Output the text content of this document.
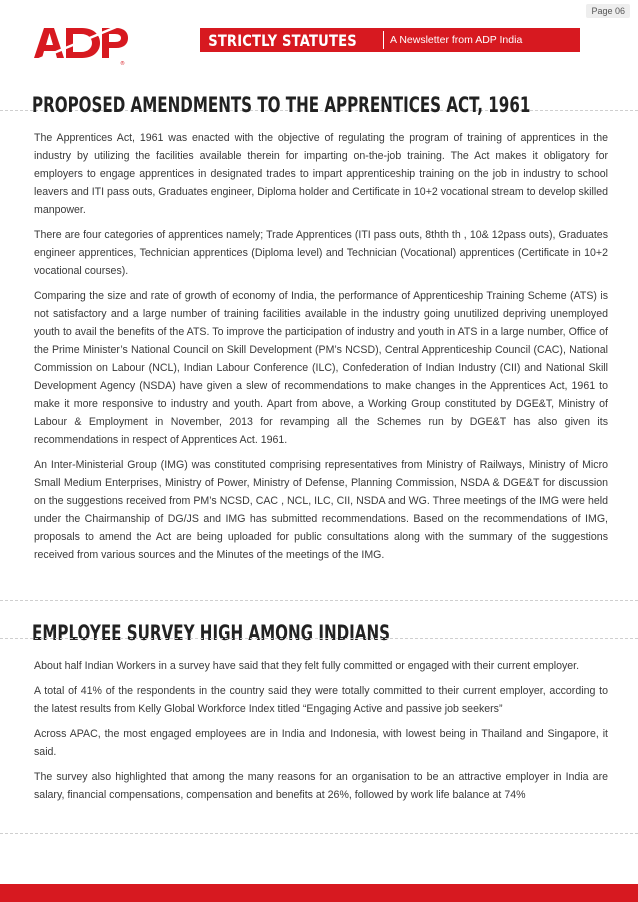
Page 06
®
STRICTLY STATUTES	A Newsletter from ADP India
PROPOSED AMENDMENTS TO THE APPRENTICES ACT, 1961

The Apprentices Act, 1961 was enacted with the objective of regulating the program of training of apprentices in the industry by utilizing the facilities available therein for imparting on-the-job training. The Act makes it obligatory for employers to engage apprentices in designated trades to impart apprenticeship training on the job in industry to school leavers and ITI pass outs, Graduates engineer, Diploma holder and Certificate in 10+2 vocational stream to develop skilled manpower.

There are four categories of apprentices namely; Trade Apprentices (ITI pass outs, 8thth th , 10& 12pass outs), Graduates engineer apprentices, Technician apprentices (Diploma level) and Technician (Vocational) apprentices (Certificate in 10+2 vocational courses).

Comparing the size and rate of growth of economy of India, the performance of Apprenticeship Training Scheme (ATS) is not satisfactory and a large number of training facilities available in the industry going unutilized depriving unemployed youth to avail the benefits of the ATS. To improve the participation of industry and youth in ATS in a large number, Office of the Prime Minister’s National Council on Skill Development (PM’s NCSD), Central Apprenticeship Council (CAC), National Commission on Labour (NCL), Indian Labour Conference (ILC), Confederation of Indian Industry (CII) and National Skill Development Agency (NSDA) have given a slew of recommendations to make changes in the Apprentices Act, 1961 to make it more responsive to industry and youth. Apart from above, a Working Group constituted by DGE&T, Ministry of Labour & Employment in November, 2013 for revamping all the Schemes run by DGE&T has also given its recommendations in respect of Apprentices Act. 1961.

An Inter-Ministerial Group (IMG) was constituted comprising representatives from Ministry of Railways, Ministry of Micro Small Medium Enterprises, Ministry of Power, Ministry of Defense, Planning Commission, NSDA & DGE&T for discussion on the suggestions received from PM’s NCSD, CAC , NCL, ILC, CII, NSDA and WG. Three meetings of the IMG were held under the Chairmanship of DG/JS and IMG has submitted recommendations. Based on the recommendations of IMG, proposals to amend the Act are being uploaded for public consultations along with the summary of the suggestions received from various sources and the Minutes of the meetings of the IMG.

EMPLOYEE SURVEY HIGH AMONG INDIANS

About half Indian Workers in a survey have said that they felt fully committed or engaged with their current employer.

A total of 41% of the respondents in the country said they were totally committed to their current employer, according to the latest results from Kelly Global Workforce Index titled “Engaging Active and passive job seekers”

Across APAC, the most engaged employees are in India and Indonesia, with lowest being in Thailand and Singapore, it said.

The survey also highlighted that among the many reasons for an organisation to be an attractive employer in India are salary, financial compensations, compensation and benefits at 26%, followed by work life balance at 74%
